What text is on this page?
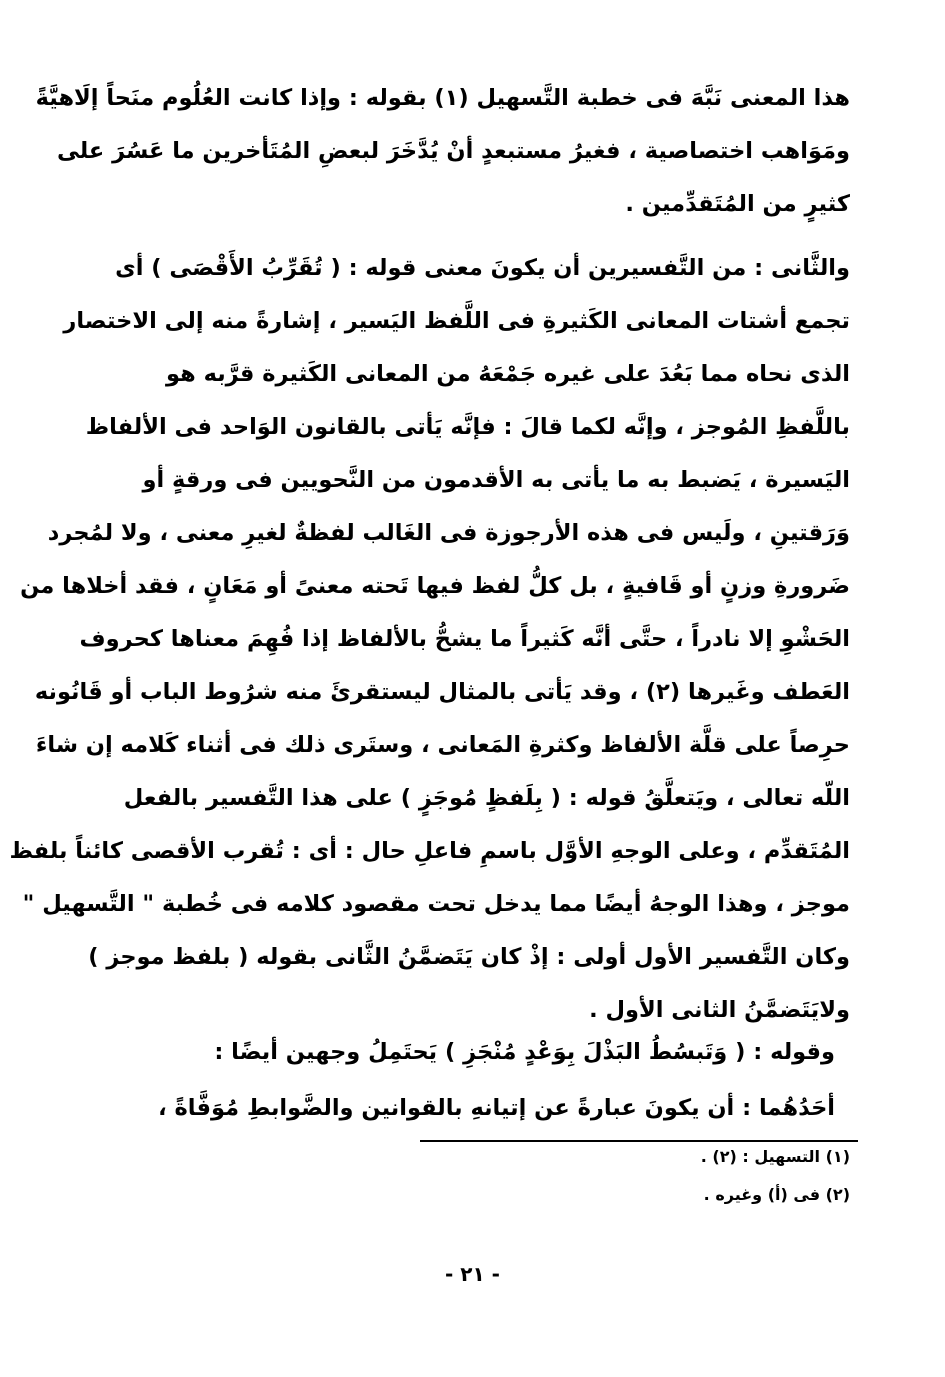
هذا المعنى نَبَّهَ فى خطبة التَّسهيل (١) بقوله : وإذا كانت العُلُوم منَحاً إلَاهيَّةً
ومَوَاهب اختصاصية ، فغيرُ مستبعدٍ أنْ يُدَّخَرَ لبعضِ المُتَأخرين ما عَسُرَ على
كثيرٍ من المُتَقدِّمين .
والثَّانى : من التَّفسيرين أن يكونَ معنى قوله : ( تُقَرِّبُ الأَقْصَى ) أى
تجمع أشتات المعانى الكَثيرةِ فى اللَّفظ اليَسير ، إشارةً منه إلى الاختصار
الذى نحاه مما بَعُدَ على غيره جَمْعَهُ من المعانى الكَثيرة قرَّبه هو
باللَّفظِ المُوجز ، وإنَّه لكما قالَ : فإنَّه يَأتى بالقانون الوَاحد فى الألفاظ
اليَسيرة ، يَضبط به ما يأتى به الأقدمون من النَّحويين فى ورقةٍ أو
وَرَقتينِ ، ولَيس فى هذه الأرجوزة فى الغَالب لفظةٌ لغيرِ معنى ، ولا لمُجرد
ضَرورةِ وزنٍ أو قَافيةٍ ، بل كلُّ لفظ فيها تَحته معنىً أو مَعَانٍ ، فقد أخلاها من
الحَشْوِ إلا نادراً ، حتَّى أنَّه كَثيراً ما يشحُّ بالألفاظ إذا فُهِمَ معناها كحروف
العَطف وغَيرها (٢) ، وقد يَأتى بالمثال ليستقرئَ منه شرُوط الباب أو قَانُونه
حرِصاً على قلَّة الألفاظ وكثرةِ المَعانى ، وستَرى ذلك فى أثناء كَلامه إن شاءَ
اللّه تعالى ، ويَتعلَّقُ قوله : ( بِلَفظٍ مُوجَزٍ ) على هذا التَّفسير بالفعل
المُتَقدِّم ، وعلى الوجهِ الأوَّل باسمِ فاعلِ حال : أى : تُقرب الأقصى كائناً بلفظ
موجز ، وهذا الوجهُ أيضًا مما يدخل تحت مقصود كلامه فى خُطبة " التَّسهيل "
وكان التَّفسير الأول أولى : إذْ كان يَتَضمَّنُ الثَّانى بقوله ( بلفظ موجز )
ولايَتَضمَّنُ الثانى الأول .
وقوله : ( وَتَبسُطُ البَذْلَ بِوَعْدٍ مُنْجَزِ ) يَحتَمِلُ وجهين أيضًا :
أحَدُهُما : أن يكونَ عبارةً عن إتيانهِ بالقوانين والضَّوابطِ مُوَفَّاةً ،
(١) التسهيل : (٢) .
(٢) فى (أ) وغيره .
- ٢١ -
